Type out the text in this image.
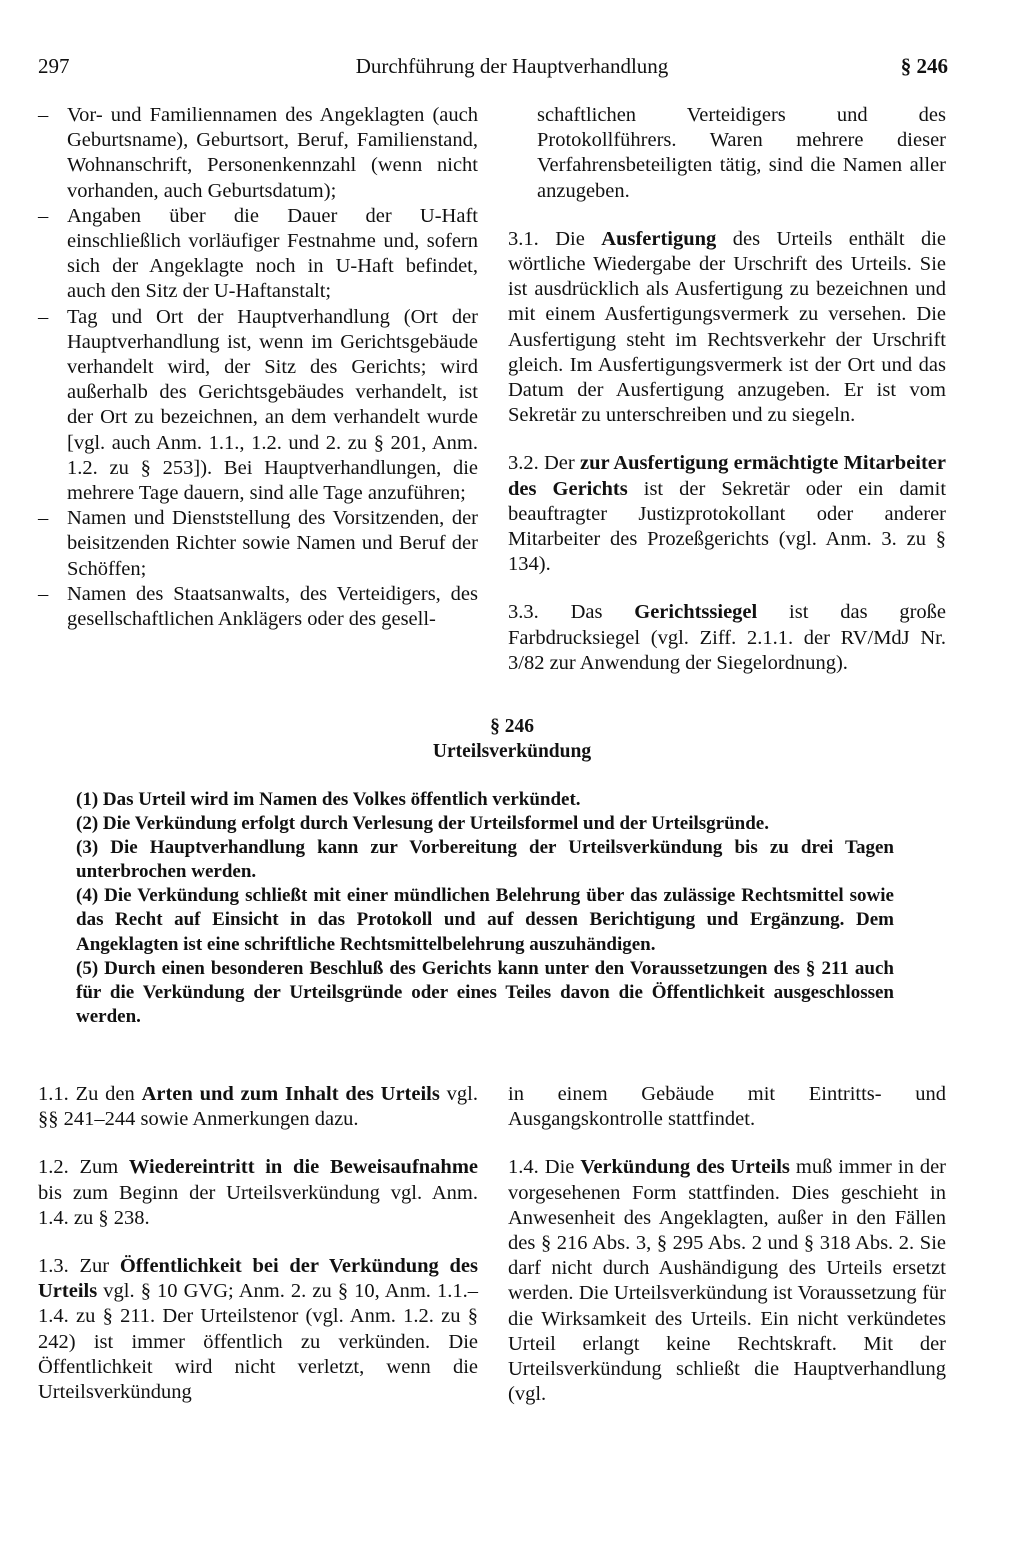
297	Durchführung der Hauptverhandlung	§ 246
– Vor- und Familiennamen des Angeklagten (auch Geburtsname), Geburtsort, Beruf, Familienstand, Wohnanschrift, Personenkennzahl (wenn nicht vorhanden, auch Geburtsdatum);
– Angaben über die Dauer der U-Haft einschließlich vorläufiger Festnahme und, sofern sich der Angeklagte noch in U-Haft befindet, auch den Sitz der U-Haftanstalt;
– Tag und Ort der Hauptverhandlung (Ort der Hauptverhandlung ist, wenn im Gerichtsgebäude verhandelt wird, der Sitz des Gerichts; wird außerhalb des Gerichtsgebäudes verhandelt, ist der Ort zu bezeichnen, an dem verhandelt wurde [vgl. auch Anm. 1.1., 1.2. und 2. zu § 201, Anm. 1.2. zu § 253]). Bei Hauptverhandlungen, die mehrere Tage dauern, sind alle Tage anzuführen;
– Namen und Dienststellung des Vorsitzenden, der beisitzenden Richter sowie Namen und Beruf der Schöffen;
– Namen des Staatsanwalts, des Verteidigers, des gesellschaftlichen Anklägers oder des gesell-

schaftlichen Verteidigers und des Protokollführers. Waren mehrere dieser Verfahrensbeteiligten tätig, sind die Namen aller anzugeben.

3.1. Die Ausfertigung des Urteils enthält die wörtliche Wiedergabe der Urschrift des Urteils. Sie ist ausdrücklich als Ausfertigung zu bezeichnen und mit einem Ausfertigungsvermerk zu versehen. Die Ausfertigung steht im Rechtsverkehr der Urschrift gleich. Im Ausfertigungsvermerk ist der Ort und das Datum der Ausfertigung anzugeben. Er ist vom Sekretär zu unterschreiben und zu siegeln.

3.2. Der zur Ausfertigung ermächtigte Mitarbeiter des Gerichts ist der Sekretär oder ein damit beauftragter Justizprotokollant oder anderer Mitarbeiter des Prozeßgerichts (vgl. Anm. 3. zu § 134).

3.3. Das Gerichtssiegel ist das große Farbdrucksiegel (vgl. Ziff. 2.1.1. der RV/MdJ Nr. 3/82 zur Anwendung der Siegelordnung).

§ 246
Urteilsverkündung

(1) Das Urteil wird im Namen des Volkes öffentlich verkündet.

(2) Die Verkündung erfolgt durch Verlesung der Urteilsformel und der Urteilsgründe.

(3) Die Hauptverhandlung kann zur Vorbereitung der Urteilsverkündung bis zu drei Tagen unterbrochen werden.

(4) Die Verkündung schließt mit einer mündlichen Belehrung über das zulässige Rechtsmittel sowie das Recht auf Einsicht in das Protokoll und auf dessen Berichtigung und Ergänzung. Dem Angeklagten ist eine schriftliche Rechtsmittelbelehrung auszuhändigen.

(5) Durch einen besonderen Beschluß des Gerichts kann unter den Voraussetzungen des § 211 auch für die Verkündung der Urteilsgründe oder eines Teiles davon die Öffentlichkeit ausgeschlossen werden.

1.1. Zu den Arten und zum Inhalt des Urteils vgl. §§ 241–244 sowie Anmerkungen dazu.

1.2. Zum Wiedereintritt in die Beweisaufnahme bis zum Beginn der Urteilsverkündung vgl. Anm. 1.4. zu § 238.

1.3. Zur Öffentlichkeit bei der Verkündung des Urteils vgl. § 10 GVG; Anm. 2. zu § 10, Anm. 1.1.–1.4. zu § 211. Der Urteilstenor (vgl. Anm. 1.2. zu § 242) ist immer öffentlich zu verkünden. Die Öffentlichkeit wird nicht verletzt, wenn die Urteilsverkündung

in einem Gebäude mit Eintritts- und Ausgangskontrolle stattfindet.

1.4. Die Verkündung des Urteils muß immer in der vorgesehenen Form stattfinden. Dies geschieht in Anwesenheit des Angeklagten, außer in den Fällen des § 216 Abs. 3, § 295 Abs. 2 und § 318 Abs. 2. Sie darf nicht durch Aushändigung des Urteils ersetzt werden. Die Urteilsverkündung ist Voraussetzung für die Wirksamkeit des Urteils. Ein nicht verkündetes Urteil erlangt keine Rechtskraft. Mit der Urteilsverkündung schließt die Hauptverhandlung (vgl.
